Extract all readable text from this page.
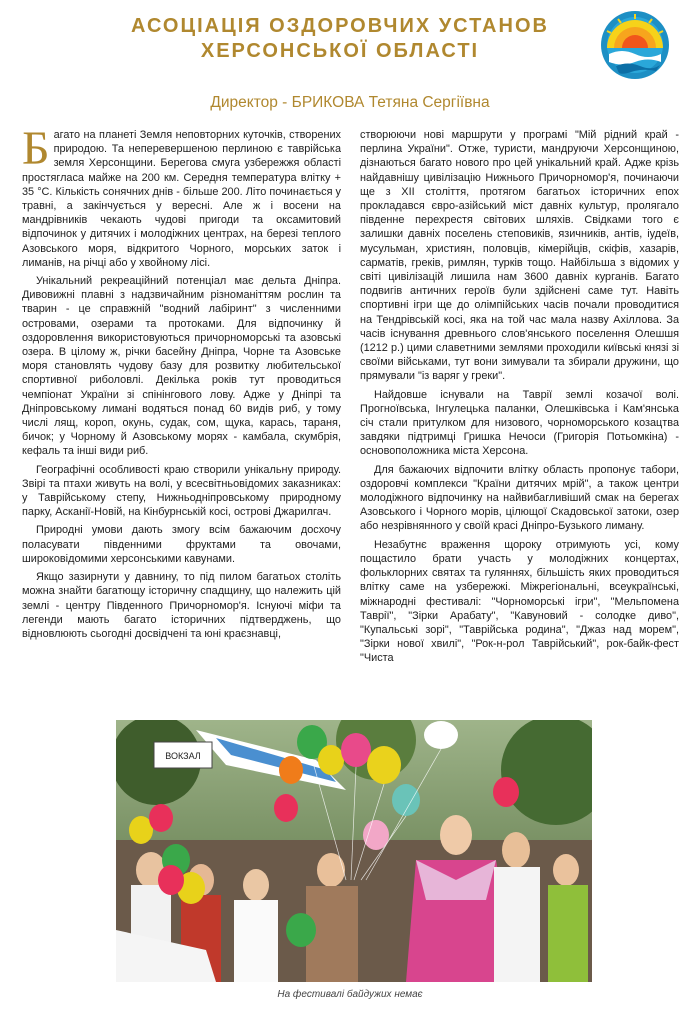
АСОЦІАЦІЯ ОЗДОРОВЧИХ УСТАНОВ
ХЕРСОНСЬКОЇ ОБЛАСТІ
Директор - БРИКОВА Тетяна Сергіївна

Багато на планеті Земля неповторних куточків, створених природою. Та неперевершеною перлиною є таврійська земля Херсонщини. Берегова смуга узбережжя області простягласа майже на 200 км. Середня температура влітку + 35 °С. Кількість сонячних днів - більше 200. Літо починається у травні, а закінчується у вересні. Але ж і восени на мандрівників чекають чудові пригоди та оксамитовий відпочинок у дитячих і молодіжних центрах, на березі теплого Азовського моря, відкритого Чорного, морських заток і лиманів, на річці або у хвойному лісі.

Унікальний рекреаційний потенціал має дельта Дніпра. Дивовижні плавні з надзвичайним різноманіттям рослин та тварин - це справжній "водний лабіринт" з численними островами, озерами та протоками. Для відпочинку й оздоровлення використовуються причорноморські та азовські озера. В цілому ж, річки басейну Дніпра, Чорне та Азовське моря становлять чудову базу для розвитку любительської спортивної риболовлі. Декілька років тут проводиться чемпіонат України зі спінінгового лову. Адже у Дніпрі та Дніпровському лимані водяться понад 60 видів риб, у тому числі лящ, короп, окунь, судак, сом, щука, карась, тараня, бичок; у Чорному й Азовському морях - камбала, скумбрія, кефаль та інші види риб.

Географічні особливості краю створили унікальну природу. Звірі та птахи живуть на волі, у всесвітньовідомих заказниках: у Таврійському степу, Нижньодніпровському природному парку, Асканії-Новій, на Кінбурнській косі, острові Джарилгач.

Природні умови дають змогу всім бажаючим досхочу поласувати південними фруктами та овочами, широковідомими херсонськими кавунами.

Якщо зазирнути у давнину, то під пилом багатьох століть можна знайти багатющу історичну спадщину, що належить цій землі - центру Південного Причорномор'я. Існуючі міфи та легенди мають багато історичних підтверджень, що відновлюють сьогодні досвідчені та юні краєзнавці,

створюючи нові маршрути у програмі "Мій рідний край - перлина України". Отже, туристи, мандруючи Херсонщиною, дізнаються багато нового про цей унікальний край. Адже крізь найдавнішу цивілізацію Нижнього Причорномор'я, починаючи ще з XII століття, протягом багатьох історичних епох прокладався євро-азійський міст давніх культур, пролягало південне перехрестя світових шляхів. Свідками того є залишки давніх поселень степовиків, язичників, антів, іудеїв, мусульман, християн, половців, кімерійців, скіфів, хазарів, сарматів, греків, римлян, турків тощо. Найбільша з відомих у світі цивілізацій лишила нам 3600 давніх курганів. Багато подвигів античних героїв були здійснені саме тут. Навіть спортивні ігри ще до олімпійських часів почали проводитися на Тендрівській косі, яка на той час мала назву Ахіллова. За часів існування древнього слов'янського поселення Олешшя (1212 р.) цими славетними землями проходили київські князі зі своїми військами, тут вони зимували та збирали дружини, що прямували "із варяг у греки".

Найдовше існували на Таврії землі козачої волі. Прогноївська, Інгулецька паланки, Олешківська і Кам'янська січ стали притулком для низового, чорноморського козацтва завдяки підтримці Гришка Нечоси (Григорія Потьомкіна) - основоположника міста Херсона.

Для бажаючих відпочити влітку область пропонує табори, оздоровчі комплекси "Країни дитячих мрій", а також центри молодіжного відпочинку на найвибагливіший смак на берегах Азовського і Чорного морів, цілющої Скадовської затоки, озер або незрівнянного у своїй красі Дніпро-Бузького лиману.

Незабутнє враження щороку отримують усі, кому пощастило брати участь у молодіжних концертах, фольклорних святах та гуляннях, більшість яких проводиться влітку саме на узбережжі. Міжрегіональні, всеукраїнські, міжнародні фестивалі: "Чорноморські ігри", "Мельпомена Таврії", "Зірки Арабату", "Кавуновий - солодке диво", "Купальські зорі", "Таврійська родина", "Джаз над морем", "Зірки нової хвилі", "Рок-н-рол Таврійський", рок-байк-фест "Чиста

ВОКЗАЛ
На фестивалі байдужих немає
